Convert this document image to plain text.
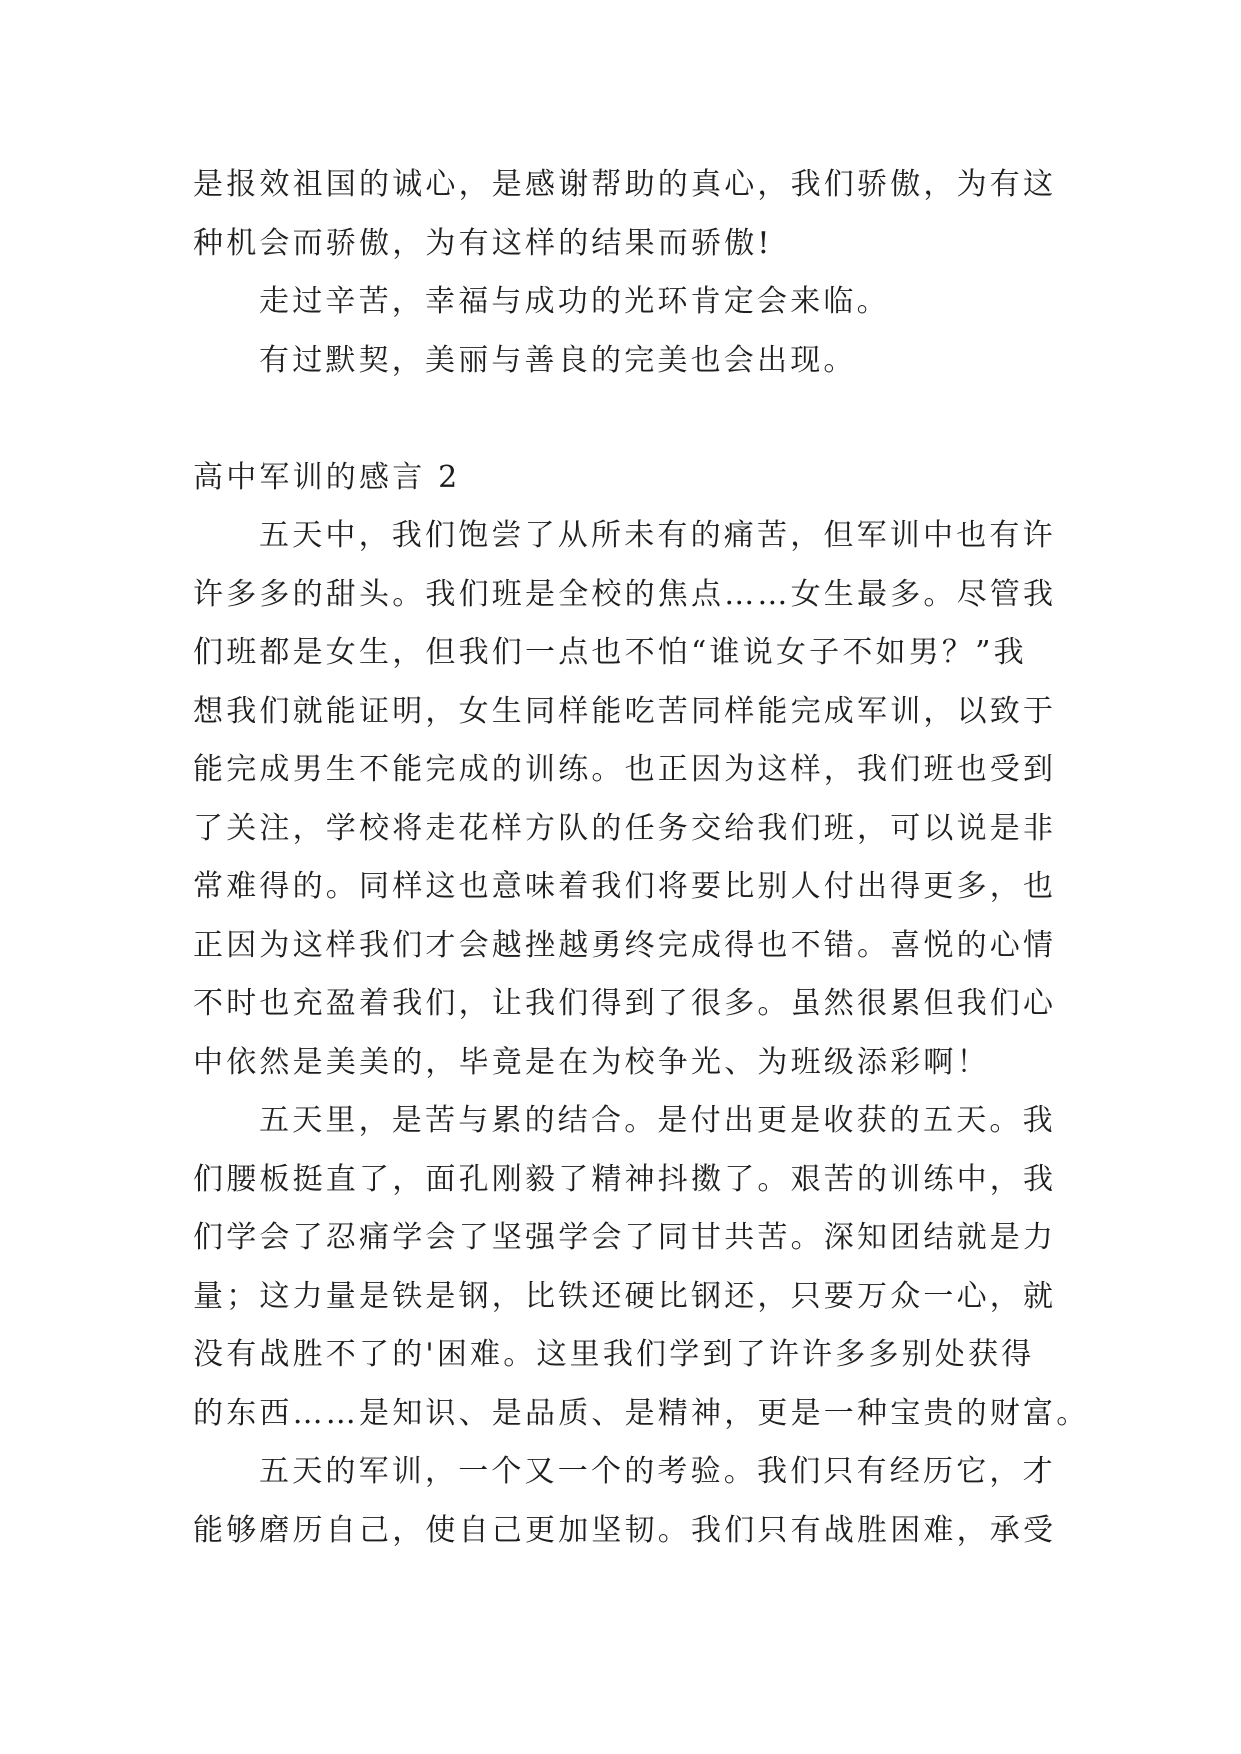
是报效祖国的诚心，是感谢帮助的真心，我们骄傲，为有这
种机会而骄傲，为有这样的结果而骄傲!
走过辛苦，幸福与成功的光环肯定会来临。
有过默契，美丽与善良的完美也会出现。
高中军训的感言 2
五天中，我们饱尝了从所未有的痛苦，但军训中也有许
许多多的甜头。我们班是全校的焦点……女生最多。尽管我
们班都是女生，但我们一点也不怕“谁说女子不如男？”我
想我们就能证明，女生同样能吃苦同样能完成军训，以致于
能完成男生不能完成的训练。也正因为这样，我们班也受到
了关注，学校将走花样方队的任务交给我们班，可以说是非
常难得的。同样这也意味着我们将要比别人付出得更多，也
正因为这样我们才会越挫越勇终完成得也不错。喜悦的心情
不时也充盈着我们，让我们得到了很多。虽然很累但我们心
中依然是美美的，毕竟是在为校争光、为班级添彩啊！
五天里，是苦与累的结合。是付出更是收获的五天。我
们腰板挺直了，面孔刚毅了精神抖擞了。艰苦的训练中，我
们学会了忍痛学会了坚强学会了同甘共苦。深知团结就是力
量；这力量是铁是钢，比铁还硬比钢还，只要万众一心，就
没有战胜不了的'困难。这里我们学到了许许多多别处获得
的东西……是知识、是品质、是精神，更是一种宝贵的财富。
五天的军训，一个又一个的考验。我们只有经历它，才
能够磨历自己，使自己更加坚韧。我们只有战胜困难，承受
